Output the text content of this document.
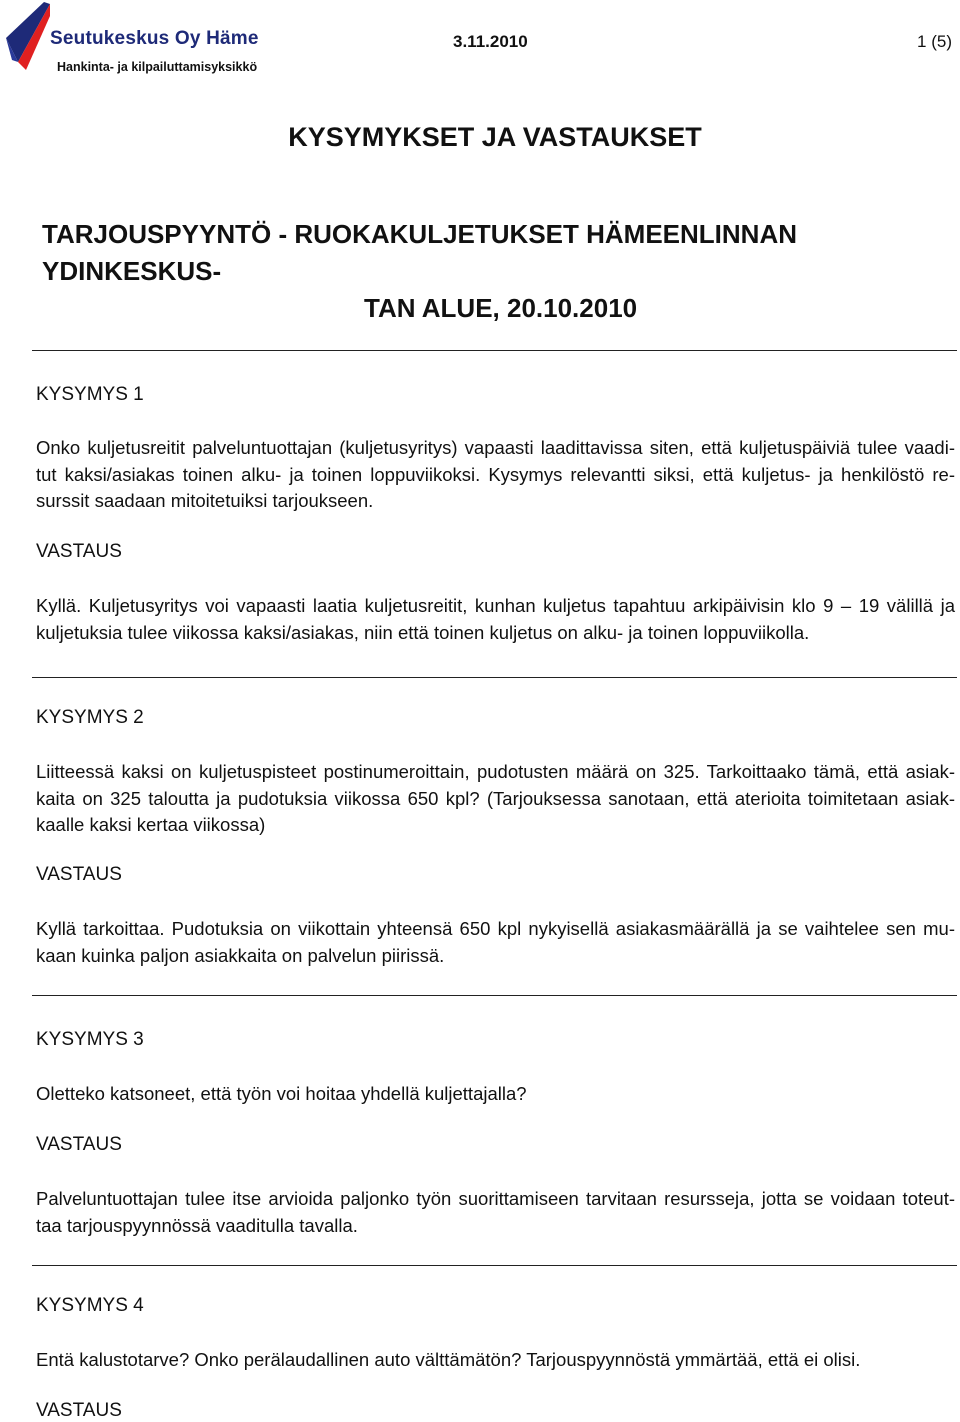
Seutukeskus Oy Häme
Hankinta- ja kilpailuttamisyksikkö
3.11.2010	1 (5)
KYSYMYKSET JA VASTAUKSET
TARJOUSPYYNTÖ - RUOKAKULJETUKSET HÄMEENLINNAN YDINKESKUS-
TAN ALUE, 20.10.2010
KYSYMYS 1
Onko kuljetusreitit palveluntuottajan (kuljetusyritys) vapaasti laadittavissa siten, että kuljetuspäiviä tulee vaadi-
tut kaksi/asiakas toinen alku- ja toinen loppuviikoksi. Kysymys relevantti siksi, että kuljetus- ja henkilöstö re-
surssit saadaan mitoitetuiksi tarjoukseen.
VASTAUS
Kyllä. Kuljetusyritys voi vapaasti laatia kuljetusreitit, kunhan kuljetus tapahtuu arkipäivisin klo 9 – 19 välillä ja
kuljetuksia tulee viikossa kaksi/asiakas, niin että toinen kuljetus on alku- ja toinen loppuviikolla.
KYSYMYS 2
Liitteessä kaksi on kuljetuspisteet postinumeroittain, pudotusten määrä on 325. Tarkoittaako tämä, että asiak-
kaita on 325 taloutta ja pudotuksia viikossa 650 kpl? (Tarjouksessa sanotaan, että aterioita toimitetaan asiak-
kaalle kaksi kertaa viikossa)
VASTAUS
Kyllä tarkoittaa. Pudotuksia on viikottain yhteensä 650 kpl nykyisellä asiakasmäärällä ja se vaihtelee sen mu-
kaan kuinka paljon asiakkaita on palvelun piirissä.
KYSYMYS 3
Oletteko katsoneet, että työn voi hoitaa yhdellä kuljettajalla?
VASTAUS
Palveluntuottajan tulee itse arvioida paljonko työn suorittamiseen tarvitaan resursseja, jotta se voidaan toteut-
taa tarjouspyynnössä vaaditulla tavalla.
KYSYMYS 4
Entä kalustotarve? Onko perälaudallinen auto välttämätön? Tarjouspyynnöstä ymmärtää, että ei olisi.
VASTAUS
